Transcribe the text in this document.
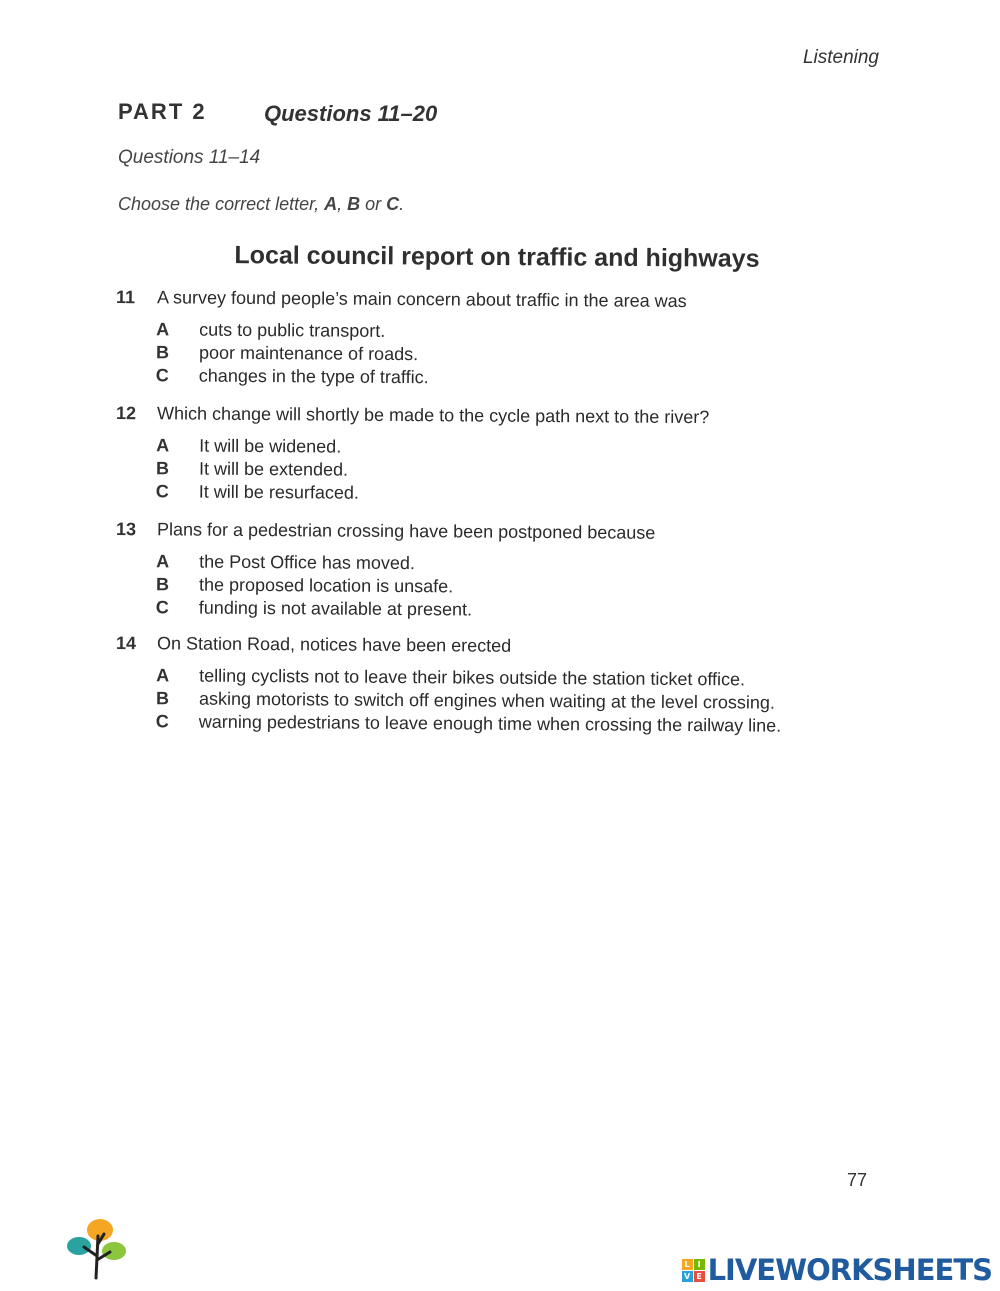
Listening
PART 2	Questions 11–20
Questions 11–14
Choose the correct letter, A, B or C.
Local council report on traffic and highways
11 A survey found people’s main concern about traffic in the area was
A cuts to public transport.
B poor maintenance of roads.
C changes in the type of traffic.
12 Which change will shortly be made to the cycle path next to the river?
A It will be widened.
B It will be extended.
C It will be resurfaced.
13 Plans for a pedestrian crossing have been postponed because
A the Post Office has moved.
B the proposed location is unsafe.
C funding is not available at present.
14 On Station Road, notices have been erected
A telling cyclists not to leave their bikes outside the station ticket office.
B asking motorists to switch off engines when waiting at the level crossing.
C warning pedestrians to leave enough time when crossing the railway line.
77
L I
V E LIVEWORKSHEETS
